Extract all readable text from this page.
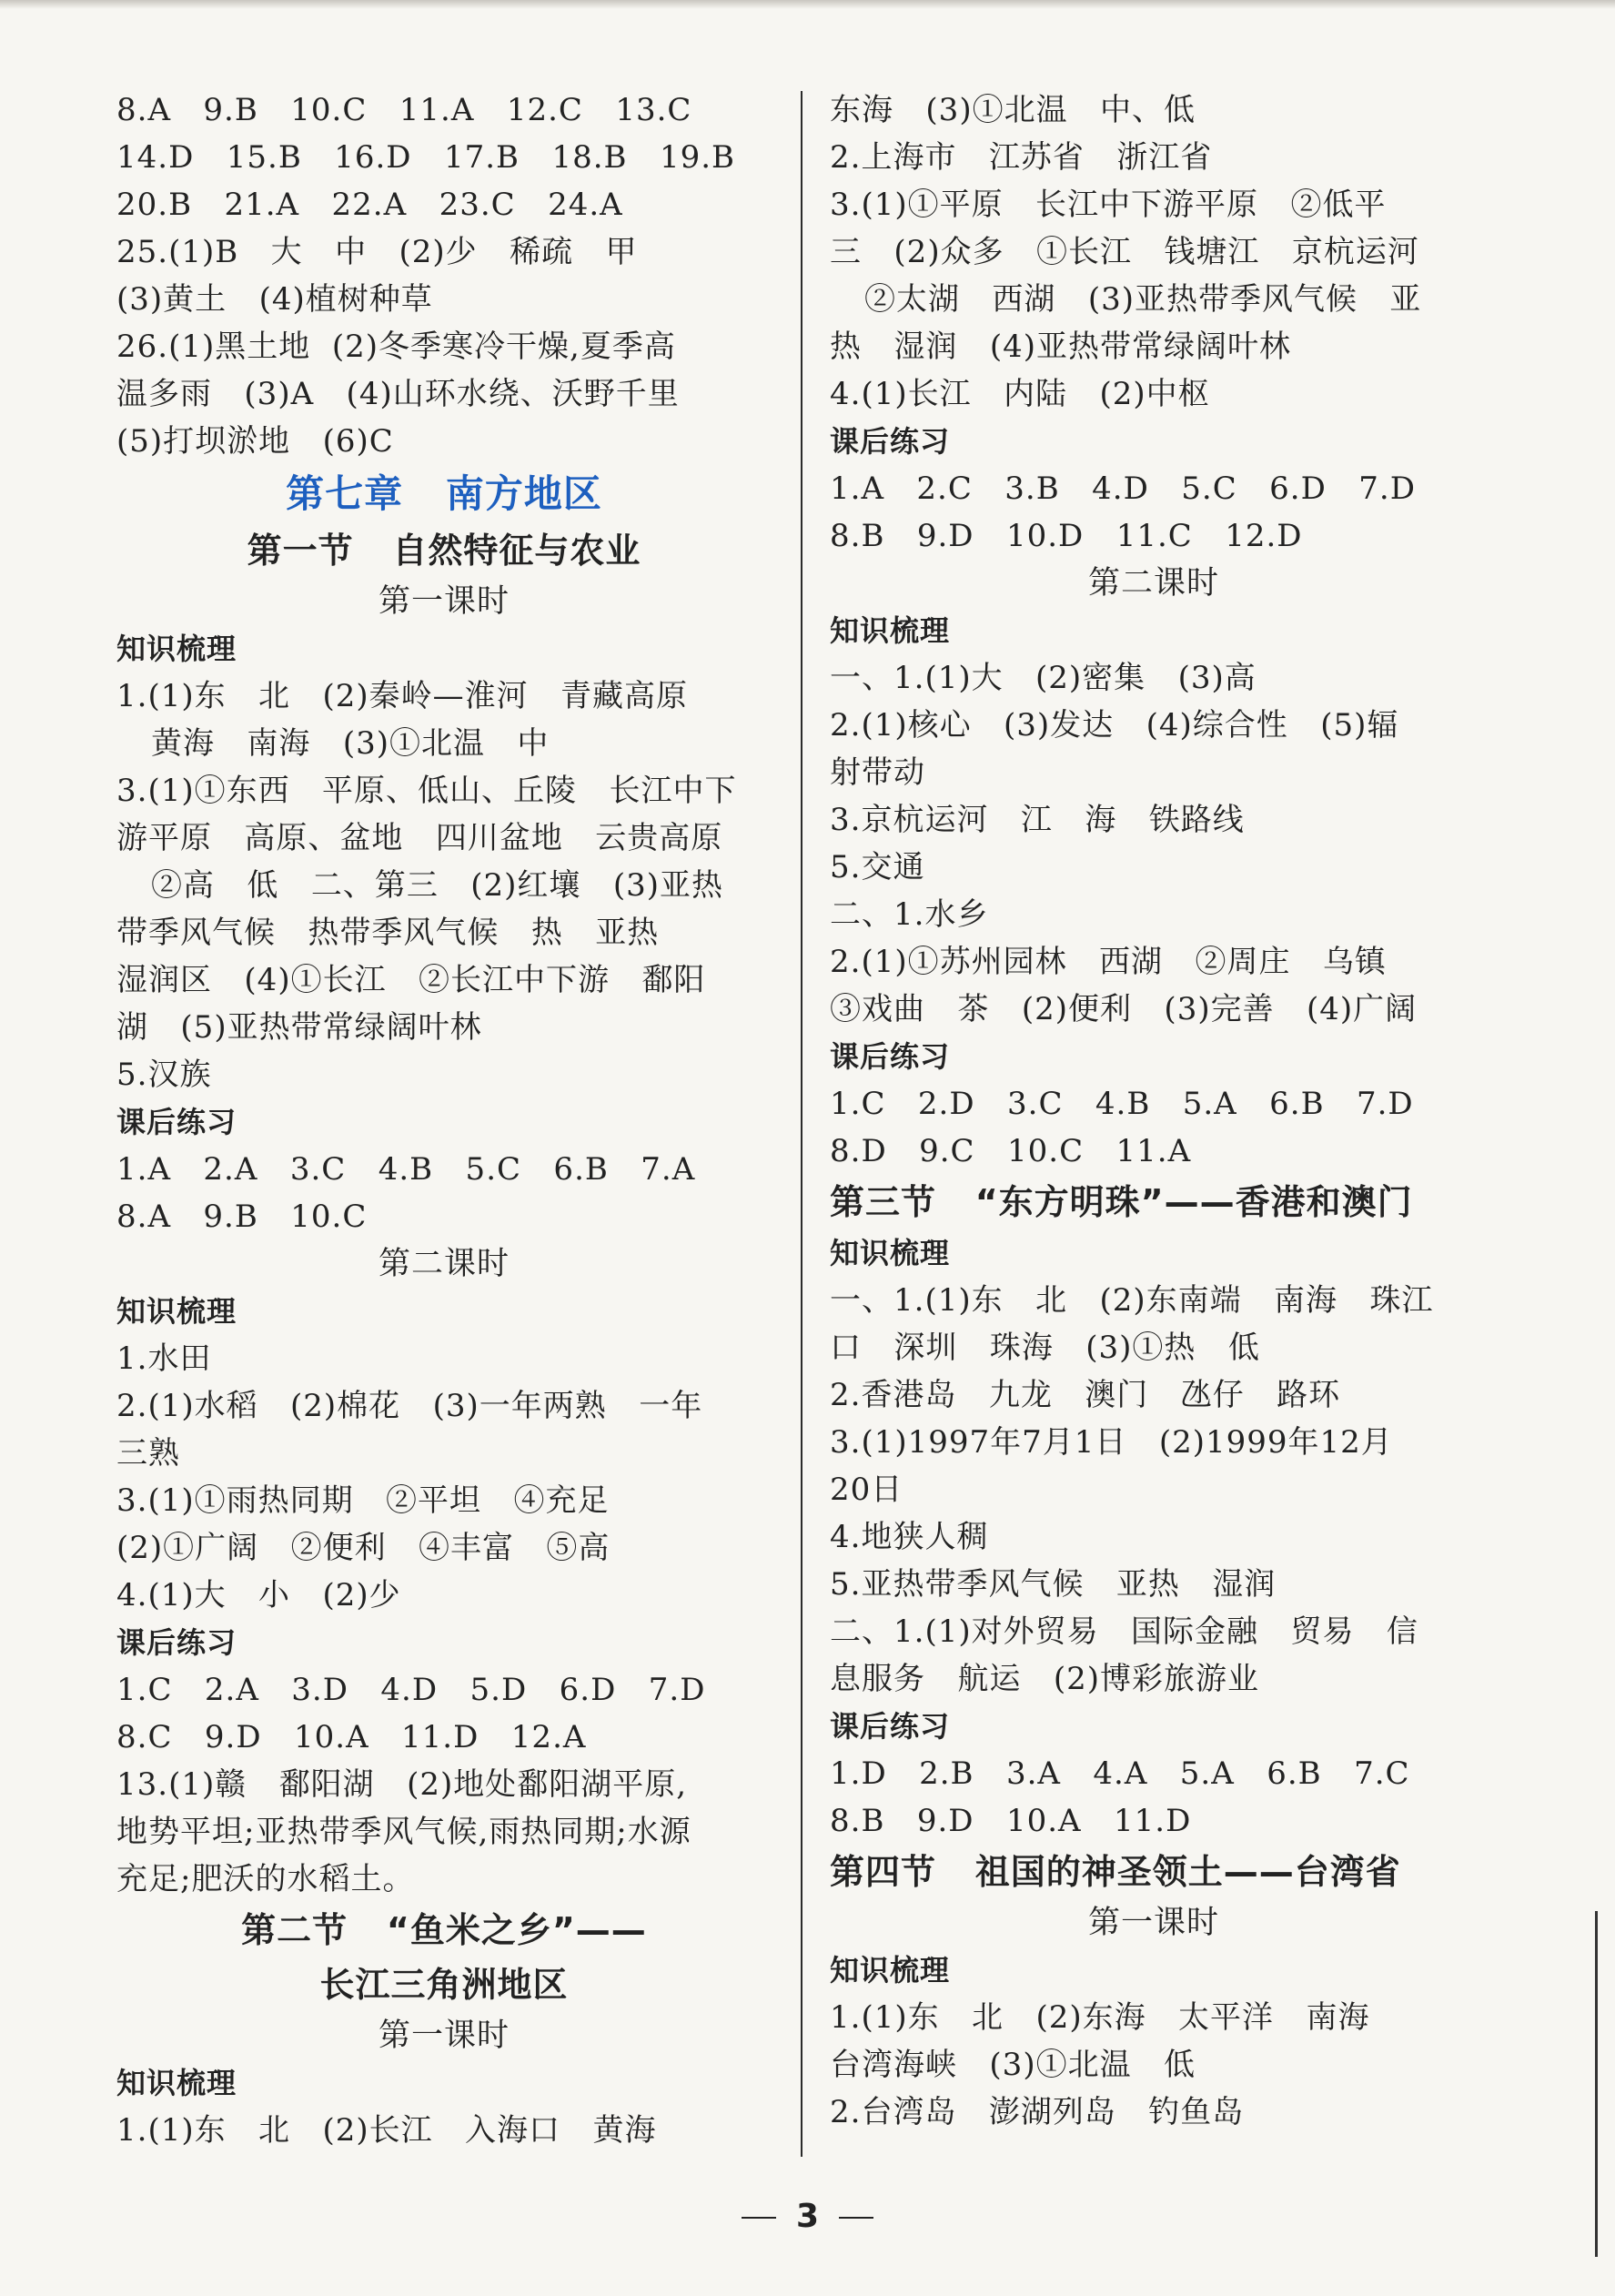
8.A   9.B   10.C   11.A   12.C   13.C
14.D   15.B   16.D   17.B   18.B   19.B
20.B   21.A   22.A   23.C   24.A
25.(1)B   大   中   (2)少   稀疏   甲
(3)黄土   (4)植树种草
26.(1)黑土地  (2)冬季寒冷干燥,夏季高
温多雨   (3)A   (4)山环水绕、沃野千里
(5)打坝淤地   (6)C
第七章   南方地区
第一节   自然特征与农业
第一课时
知识梳理
1.(1)东   北   (2)秦岭—淮河   青藏高原
黄海   南海   (3)①北温   中
3.(1)①东西   平原、低山、丘陵   长江中下
游平原   高原、盆地   四川盆地   云贵高原
②高   低   二、第三   (2)红壤   (3)亚热
带季风气候   热带季风气候   热   亚热
湿润区   (4)①长江   ②长江中下游   鄱阳
湖   (5)亚热带常绿阔叶林
5.汉族
课后练习
1.A   2.A   3.C   4.B   5.C   6.B   7.A
8.A   9.B   10.C
第二课时
知识梳理
1.水田
2.(1)水稻   (2)棉花   (3)一年两熟   一年
三熟
3.(1)①雨热同期   ②平坦   ④充足
(2)①广阔   ②便利   ④丰富   ⑤高
4.(1)大   小   (2)少
课后练习
1.C   2.A   3.D   4.D   5.D   6.D   7.D
8.C   9.D   10.A   11.D   12.A
13.(1)赣   鄱阳湖   (2)地处鄱阳湖平原,
地势平坦;亚热带季风气候,雨热同期;水源
充足;肥沃的水稻土。
第二节   “鱼米之乡”——
长江三角洲地区
第一课时
知识梳理
1.(1)东   北   (2)长江   入海口   黄海
东海   (3)①北温   中、低
2.上海市   江苏省   浙江省
3.(1)①平原   长江中下游平原   ②低平
三   (2)众多   ①长江   钱塘江   京杭运河
②太湖   西湖   (3)亚热带季风气候   亚
热   湿润   (4)亚热带常绿阔叶林
4.(1)长江   内陆   (2)中枢
课后练习
1.A   2.C   3.B   4.D   5.C   6.D   7.D
8.B   9.D   10.D   11.C   12.D
第二课时
知识梳理
一、1.(1)大   (2)密集   (3)高
2.(1)核心   (3)发达   (4)综合性   (5)辐
射带动
3.京杭运河   江   海   铁路线
5.交通
二、1.水乡
2.(1)①苏州园林   西湖   ②周庄   乌镇
③戏曲   茶   (2)便利   (3)完善   (4)广阔
课后练习
1.C   2.D   3.C   4.B   5.A   6.B   7.D
8.D   9.C   10.C   11.A
第三节   “东方明珠”——香港和澳门
知识梳理
一、1.(1)东   北   (2)东南端   南海   珠江
口   深圳   珠海   (3)①热   低
2.香港岛   九龙   澳门   氹仔   路环
3.(1)1997年7月1日   (2)1999年12月
20日
4.地狭人稠
5.亚热带季风气候   亚热   湿润
二、1.(1)对外贸易   国际金融   贸易   信
息服务   航运   (2)博彩旅游业
课后练习
1.D   2.B   3.A   4.A   5.A   6.B   7.C
8.B   9.D   10.A   11.D
第四节   祖国的神圣领土——台湾省
第一课时
知识梳理
1.(1)东   北   (2)东海   太平洋   南海
台湾海峡   (3)①北温   低
2.台湾岛   澎湖列岛   钓鱼岛
3
